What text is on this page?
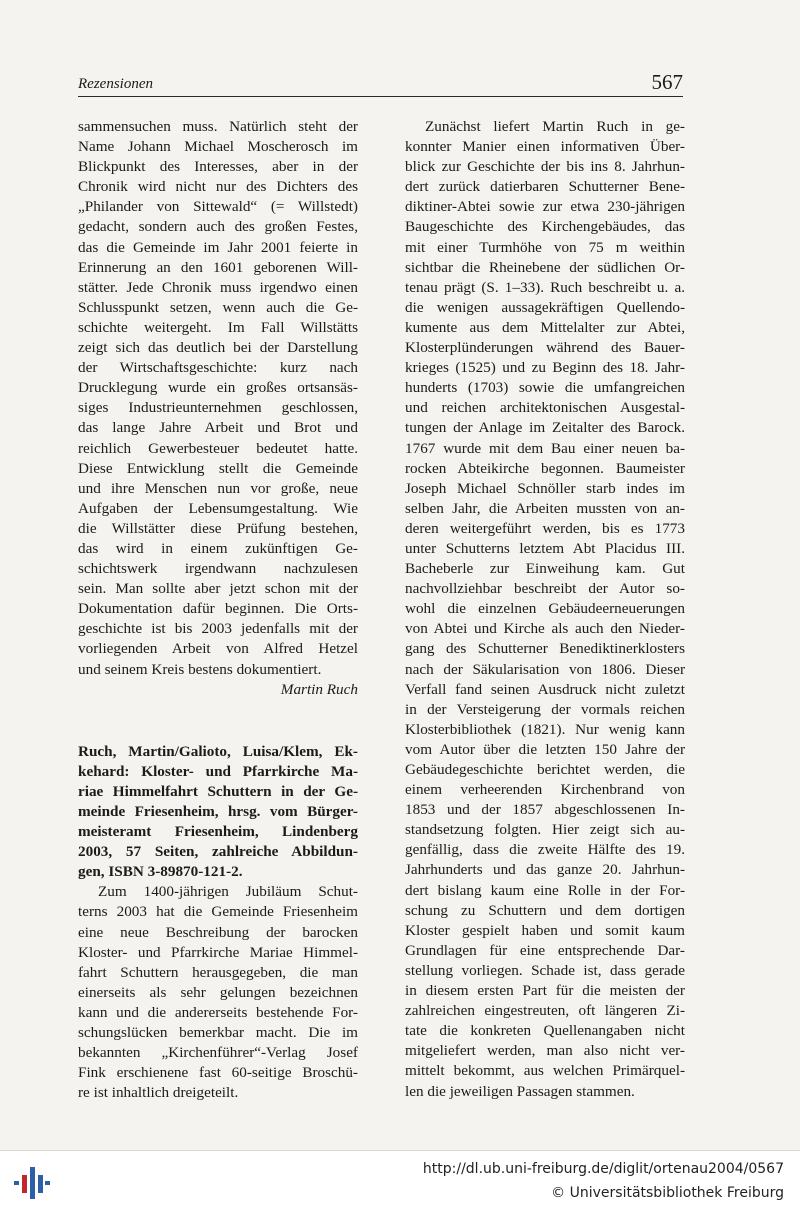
Rezensionen	567
sammensuchen muss. Natürlich steht der
Name Johann Michael Moscherosch im
Blickpunkt des Interesses, aber in der
Chronik wird nicht nur des Dichters des
„Philander von Sittewald“ (= Willstedt)
gedacht, sondern auch des großen Festes,
das die Gemeinde im Jahr 2001 feierte in
Erinnerung an den 1601 geborenen Will-
stätter. Jede Chronik muss irgendwo einen
Schlusspunkt setzen, wenn auch die Ge-
schichte weitergeht. Im Fall Willstätts
zeigt sich das deutlich bei der Darstellung
der Wirtschaftsgeschichte: kurz nach
Drucklegung wurde ein großes ortsansäs-
siges Industrieunternehmen geschlossen,
das lange Jahre Arbeit und Brot und
reichlich Gewerbesteuer bedeutet hatte.
Diese Entwicklung stellt die Gemeinde
und ihre Menschen nun vor große, neue
Aufgaben der Lebensumgestaltung. Wie
die Willstätter diese Prüfung bestehen,
das wird in einem zukünftigen Ge-
schichtswerk irgendwann nachzulesen
sein. Man sollte aber jetzt schon mit der
Dokumentation dafür beginnen. Die Orts-
geschichte ist bis 2003 jedenfalls mit der
vorliegenden Arbeit von Alfred Hetzel
und seinem Kreis bestens dokumentiert.
Martin Ruch
Ruch, Martin/Galioto, Luisa/Klem, Ek-
kehard: Kloster- und Pfarrkirche Ma-
riae Himmelfahrt Schuttern in der Ge-
meinde Friesenheim, hrsg. vom Bürger-
meisteramt Friesenheim, Lindenberg
2003, 57 Seiten, zahlreiche Abbildun-
gen, ISBN 3-89870-121-2.
Zum 1400-jährigen Jubiläum Schut-
terns 2003 hat die Gemeinde Friesenheim
eine neue Beschreibung der barocken
Kloster- und Pfarrkirche Mariae Himmel-
fahrt Schuttern herausgegeben, die man
einerseits als sehr gelungen bezeichnen
kann und die andererseits bestehende For-
schungslücken bemerkbar macht. Die im
bekannten „Kirchenführer“-Verlag Josef
Fink erschienene fast 60-seitige Broschü-
re ist inhaltlich dreigeteilt.
Zunächst liefert Martin Ruch in ge-
konnter Manier einen informativen Über-
blick zur Geschichte der bis ins 8. Jahrhun-
dert zurück datierbaren Schutterner Bene-
diktiner-Abtei sowie zur etwa 230-jährigen
Baugeschichte des Kirchengebäudes, das
mit einer Turmhöhe von 75 m weithin
sichtbar die Rheinebene der südlichen Or-
tenau prägt (S. 1–33). Ruch beschreibt u. a.
die wenigen aussagekräftigen Quellendo-
kumente aus dem Mittelalter zur Abtei,
Klosterplünderungen während des Bauer-
krieges (1525) und zu Beginn des 18. Jahr-
hunderts (1703) sowie die umfangreichen
und reichen architektonischen Ausgestal-
tungen der Anlage im Zeitalter des Barock.
1767 wurde mit dem Bau einer neuen ba-
rocken Abteikirche begonnen. Baumeister
Joseph Michael Schnöller starb indes im
selben Jahr, die Arbeiten mussten von an-
deren weitergeführt werden, bis es 1773
unter Schutterns letztem Abt Placidus III.
Bacheberle zur Einweihung kam. Gut
nachvollziehbar beschreibt der Autor so-
wohl die einzelnen Gebäudeerneuerungen
von Abtei und Kirche als auch den Nieder-
gang des Schutterner Benediktinerklosters
nach der Säkularisation von 1806. Dieser
Verfall fand seinen Ausdruck nicht zuletzt
in der Versteigerung der vormals reichen
Klosterbibliothek (1821). Nur wenig kann
vom Autor über die letzten 150 Jahre der
Gebäudegeschichte berichtet werden, die
einem verheerenden Kirchenbrand von
1853 und der 1857 abgeschlossenen In-
standsetzung folgten. Hier zeigt sich au-
genfällig, dass die zweite Hälfte des 19.
Jahrhunderts und das ganze 20. Jahrhun-
dert bislang kaum eine Rolle in der For-
schung zu Schuttern und dem dortigen
Kloster gespielt haben und somit kaum
Grundlagen für eine entsprechende Dar-
stellung vorliegen. Schade ist, dass gerade
in diesem ersten Part für die meisten der
zahlreichen eingestreuten, oft längeren Zi-
tate die konkreten Quellenangaben nicht
mitgeliefert werden, man also nicht ver-
mittelt bekommt, aus welchen Primärquel-
len die jeweiligen Passagen stammen.
http://dl.ub.uni-freiburg.de/diglit/ortenau2004/0567
© Universitätsbibliothek Freiburg
